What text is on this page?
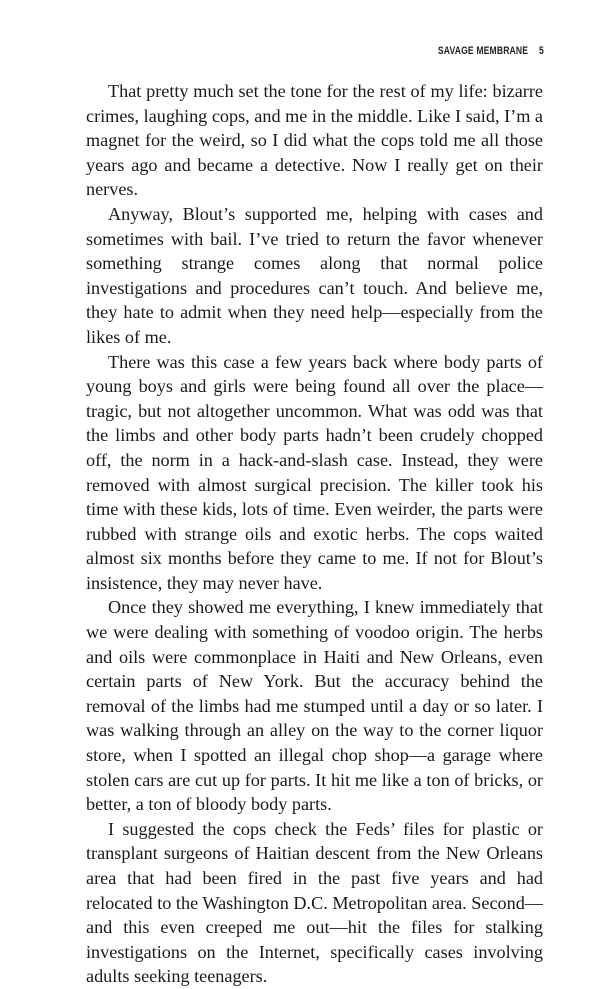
SAVAGE MEMBRANE 5

That pretty much set the tone for the rest of my life: bizarre crimes, laughing cops, and me in the middle. Like I said, I’m a magnet for the weird, so I did what the cops told me all those years ago and became a detective. Now I really get on their nerves.

Anyway, Blout’s supported me, helping with cases and sometimes with bail. I’ve tried to return the favor whenever something strange comes along that normal police investigations and procedures can’t touch. And believe me, they hate to admit when they need help—especially from the likes of me.

There was this case a few years back where body parts of young boys and girls were being found all over the place—tragic, but not altogether uncommon. What was odd was that the limbs and other body parts hadn’t been crudely chopped off, the norm in a hack-and-slash case. Instead, they were removed with almost surgical precision. The killer took his time with these kids, lots of time. Even weirder, the parts were rubbed with strange oils and exotic herbs. The cops waited almost six months before they came to me. If not for Blout’s insistence, they may never have.

Once they showed me everything, I knew immediately that we were dealing with something of voodoo origin. The herbs and oils were commonplace in Haiti and New Orleans, even certain parts of New York. But the accuracy behind the removal of the limbs had me stumped until a day or so later. I was walking through an alley on the way to the corner liquor store, when I spotted an illegal chop shop—a garage where stolen cars are cut up for parts. It hit me like a ton of bricks, or better, a ton of bloody body parts.

I suggested the cops check the Feds’ files for plastic or transplant surgeons of Haitian descent from the New Orleans area that had been fired in the past five years and had relocated to the Washington D.C. Metropolitan area. Second—and this even creeped me out—hit the files for stalking investigations on the Internet, specifically cases involving adults seeking teenagers.
